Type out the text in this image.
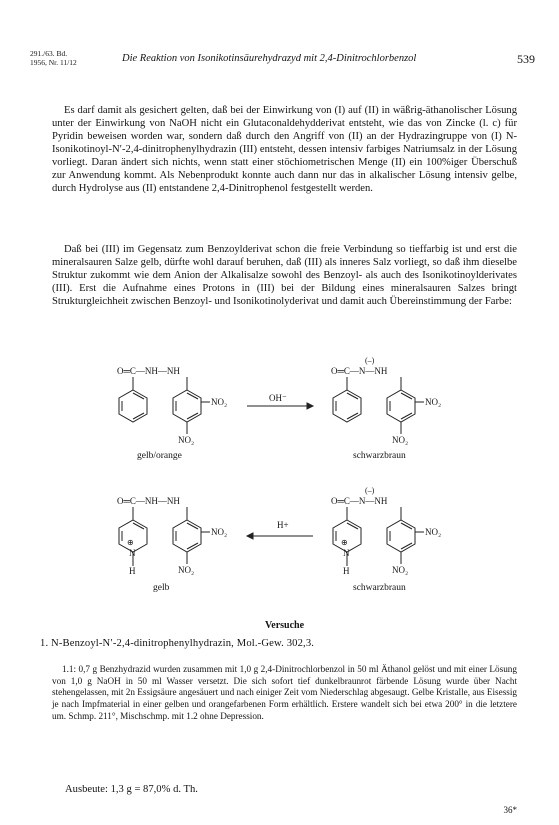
291./63. Bd.
1956, Nr. 11/12	Die Reaktion von Isonikotinsäurehydrazyd mit 2,4-Dinitrochlorbenzol	539

Es darf damit als gesichert gelten, daß bei der Einwirkung von (I) auf (II) in wäßrig-äthanolischer Lösung unter der Einwirkung von NaOH nicht ein Glutaconaldehydderivat entsteht, wie das von Zincke (l. c) für Pyridin beweisen worden war, sondern daß durch den Angriff von (II) an der Hydrazingruppe von (I) N-Isonikotinoyl-N′-2,4-dinitrophenylhydrazin (III) entsteht, dessen intensiv farbiges Natriumsalz in der Lösung vorliegt. Daran ändert sich nichts, wenn statt einer stöchiometrischen Menge (II) ein 100%iger Überschuß zur Anwendung kommt. Als Nebenprodukt konnte auch dann nur das in alkalischer Lösung intensiv gelbe, durch Hydrolyse aus (II) entstandene 2,4-Dinitrophenol festgestellt werden.

Daß bei (III) im Gegensatz zum Benzoylderivat schon die freie Verbindung so tieffarbig ist und erst die mineralsauren Salze gelb, dürfte wohl darauf beruhen, daß (III) als inneres Salz vorliegt, so daß ihm dieselbe Struktur zukommt wie dem Anion der Alkalisalze sowohl des Benzoyl- als auch des Isonikotinoylderivates (III). Erst die Aufnahme eines Protons in (III) bei der Bildung eines mineralsauren Salzes bringt Strukturgleichheit zwischen Benzoyl- und Isonikotinolyderivat und damit auch Übereinstimmung der Farbe:

O═C—NH—NH
NO₂
NO₂
gelb/orange
OH⁻
(–)
O═C—N—NH
NO₂
NO₂
schwarzbraun
O═C—NH—NH
⊕
N
H
NO₂
NO₂
gelb
H+
(–)
O═C—N—NH
⊕
N
H
NO₂
NO₂
schwarzbraun
Versuche
1. N-Benzoyl-N′-2,4-dinitrophenylhydrazin, Mol.-Gew. 302,3.

1.1: 0,7 g Benzhydrazid wurden zusammen mit 1,0 g 2,4-Dinitrochlorbenzol in 50 ml Äthanol gelöst und mit einer Lösung von 1,0 g NaOH in 50 ml Wasser versetzt. Die sich sofort tief dunkelbraunrot färbende Lösung wurde über Nacht stehengelassen, mit 2n Essigsäure angesäuert und nach einiger Zeit vom Niederschlag abgesaugt. Gelbe Kristalle, aus Eisessig je nach Impfmaterial in einer gelben und orangefarbenen Form erhältlich. Erstere wandelt sich bei etwa 200° in die letztere um. Schmp. 211°, Mischschmp. mit 1.2 ohne Depression.

Ausbeute: 1,3 g = 87,0% d. Th.
36*
